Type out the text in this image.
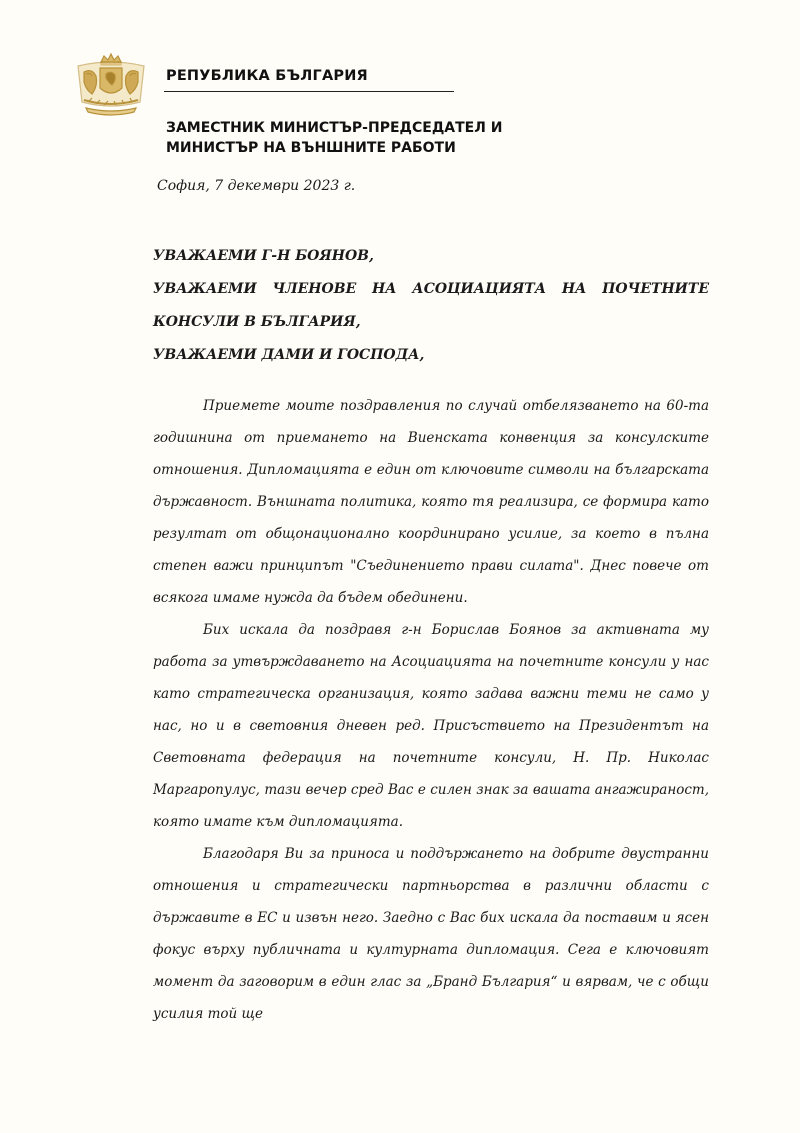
РЕПУБЛИКА БЪЛГАРИЯ
ЗАМЕСТНИК МИНИСТЪР-ПРЕДСЕДАТЕЛ И
МИНИСТЪР НА ВЪНШНИТЕ РАБОТИ
София, 7 декември 2023 г.
УВАЖАЕМИ Г-Н БОЯНОВ,
УВАЖАЕМИ ЧЛЕНОВЕ НА АСОЦИАЦИЯТА НА ПОЧЕТНИТЕ КОНСУЛИ В БЪЛГАРИЯ,
УВАЖАЕМИ ДАМИ И ГОСПОДА,

Приемете моите поздравления по случай отбелязването на 60-та годишнина от приемането на Виенската конвенция за консулските отношения. Дипломацията е един от ключовите символи на българската държавност. Външната политика, която тя реализира, се формира като резултат от общонационално координирано усилие, за което в пълна степен важи принципът "Съединението прави силата". Днес повече от всякога имаме нужда да бъдем обединени.

Бих искала да поздравя г-н Борислав Боянов за активната му работа за утвърждаването на Асоциацията на почетните консули у нас като стратегическа организация, която задава важни теми не само у нас, но и в световния дневен ред. Присъствието на Президентът на Световната федерация на почетните консули, Н. Пр. Николас Маргаропулус, тази вечер сред Вас е силен знак за вашата ангажираност, която имате към дипломацията.

Благодаря Ви за приноса и поддържането на добрите двустранни отношения и стратегически партньорства в различни области с държавите в ЕС и извън него. Заедно с Вас бих искала да поставим и ясен фокус върху публичната и културната дипломация. Сега е ключовият момент да заговорим в един глас за „Бранд България“ и вярвам, че с общи усилия той ще
